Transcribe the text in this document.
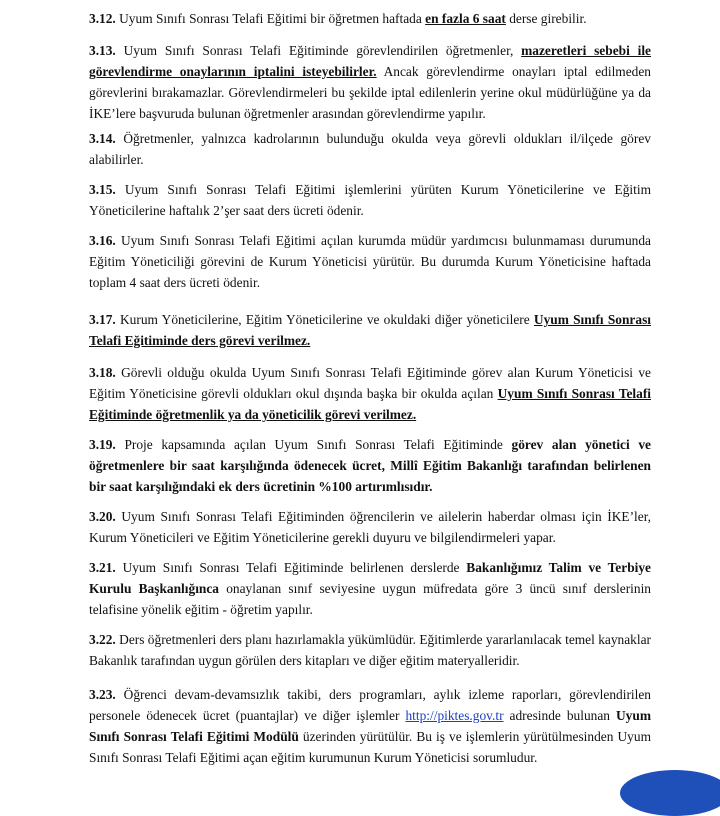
3.12. Uyum Sınıfı Sonrası Telafi Eğitimi bir öğretmen haftada en fazla 6 saat derse girebilir.

3.13. Uyum Sınıfı Sonrası Telafi Eğitiminde görevlendirilen öğretmenler, mazeretleri sebebi ile görevlendirme onaylarının iptalini isteyebilirler. Ancak görevlendirme onayları iptal edilmeden görevlerini bırakamazlar. Görevlendirmeleri bu şekilde iptal edilenlerin yerine okul müdürlüğüne ya da İKE’lere başvuruda bulunan öğretmenler arasından görevlendirme yapılır.

3.14. Öğretmenler, yalnızca kadrolarının bulunduğu okulda veya görevli oldukları il/ilçede görev alabilirler.

3.15. Uyum Sınıfı Sonrası Telafi Eğitimi işlemlerini yürüten Kurum Yöneticilerine ve Eğitim Yöneticilerine haftalık 2’şer saat ders ücreti ödenir.

3.16. Uyum Sınıfı Sonrası Telafi Eğitimi açılan kurumda müdür yardımcısı bulunmaması durumunda Eğitim Yöneticiliği görevini de Kurum Yöneticisi yürütür. Bu durumda Kurum Yöneticisine haftada toplam 4 saat ders ücreti ödenir.

3.17. Kurum Yöneticilerine, Eğitim Yöneticilerine ve okuldaki diğer yöneticilere Uyum Sınıfı Sonrası Telafi Eğitiminde ders görevi verilmez.

3.18. Görevli olduğu okulda Uyum Sınıfı Sonrası Telafi Eğitiminde görev alan Kurum Yöneticisi ve Eğitim Yöneticisine görevli oldukları okul dışında başka bir okulda açılan Uyum Sınıfı Sonrası Telafi Eğitiminde öğretmenlik ya da yöneticilik görevi verilmez.

3.19. Proje kapsamında açılan Uyum Sınıfı Sonrası Telafi Eğitiminde görev alan yönetici ve öğretmenlere bir saat karşılığında ödenecek ücret, Millî Eğitim Bakanlığı tarafından belirlenen bir saat karşılığındaki ek ders ücretinin %100 artırımlısıdır.

3.20. Uyum Sınıfı Sonrası Telafi Eğitiminden öğrencilerin ve ailelerin haberdar olması için İKE’ler, Kurum Yöneticileri ve Eğitim Yöneticilerine gerekli duyuru ve bilgilendirmeleri yapar.

3.21. Uyum Sınıfı Sonrası Telafi Eğitiminde belirlenen derslerde Bakanlığımız Talim ve Terbiye Kurulu Başkanlığınca onaylanan sınıf seviyesine uygun müfredata göre 3 üncü sınıf derslerinin telafisine yönelik eğitim - öğretim yapılır.

3.22. Ders öğretmenleri ders planı hazırlamakla yükümlüdür. Eğitimlerde yararlanılacak temel kaynaklar Bakanlık tarafından uygun görülen ders kitapları ve diğer eğitim materyalleridir.

3.23. Öğrenci devam-devamsızlık takibi, ders programları, aylık izleme raporları, görevlendirilen personele ödenecek ücret (puantajlar) ve diğer işlemler http://piktes.gov.tr adresinde bulunan Uyum Sınıfı Sonrası Telafi Eğitimi Modülü üzerinden yürütülür. Bu iş ve işlemlerin yürütülmesinden Uyum Sınıfı Sonrası Telafi Eğitimi açan eğitim kurumunun Kurum Yöneticisi sorumludur.
